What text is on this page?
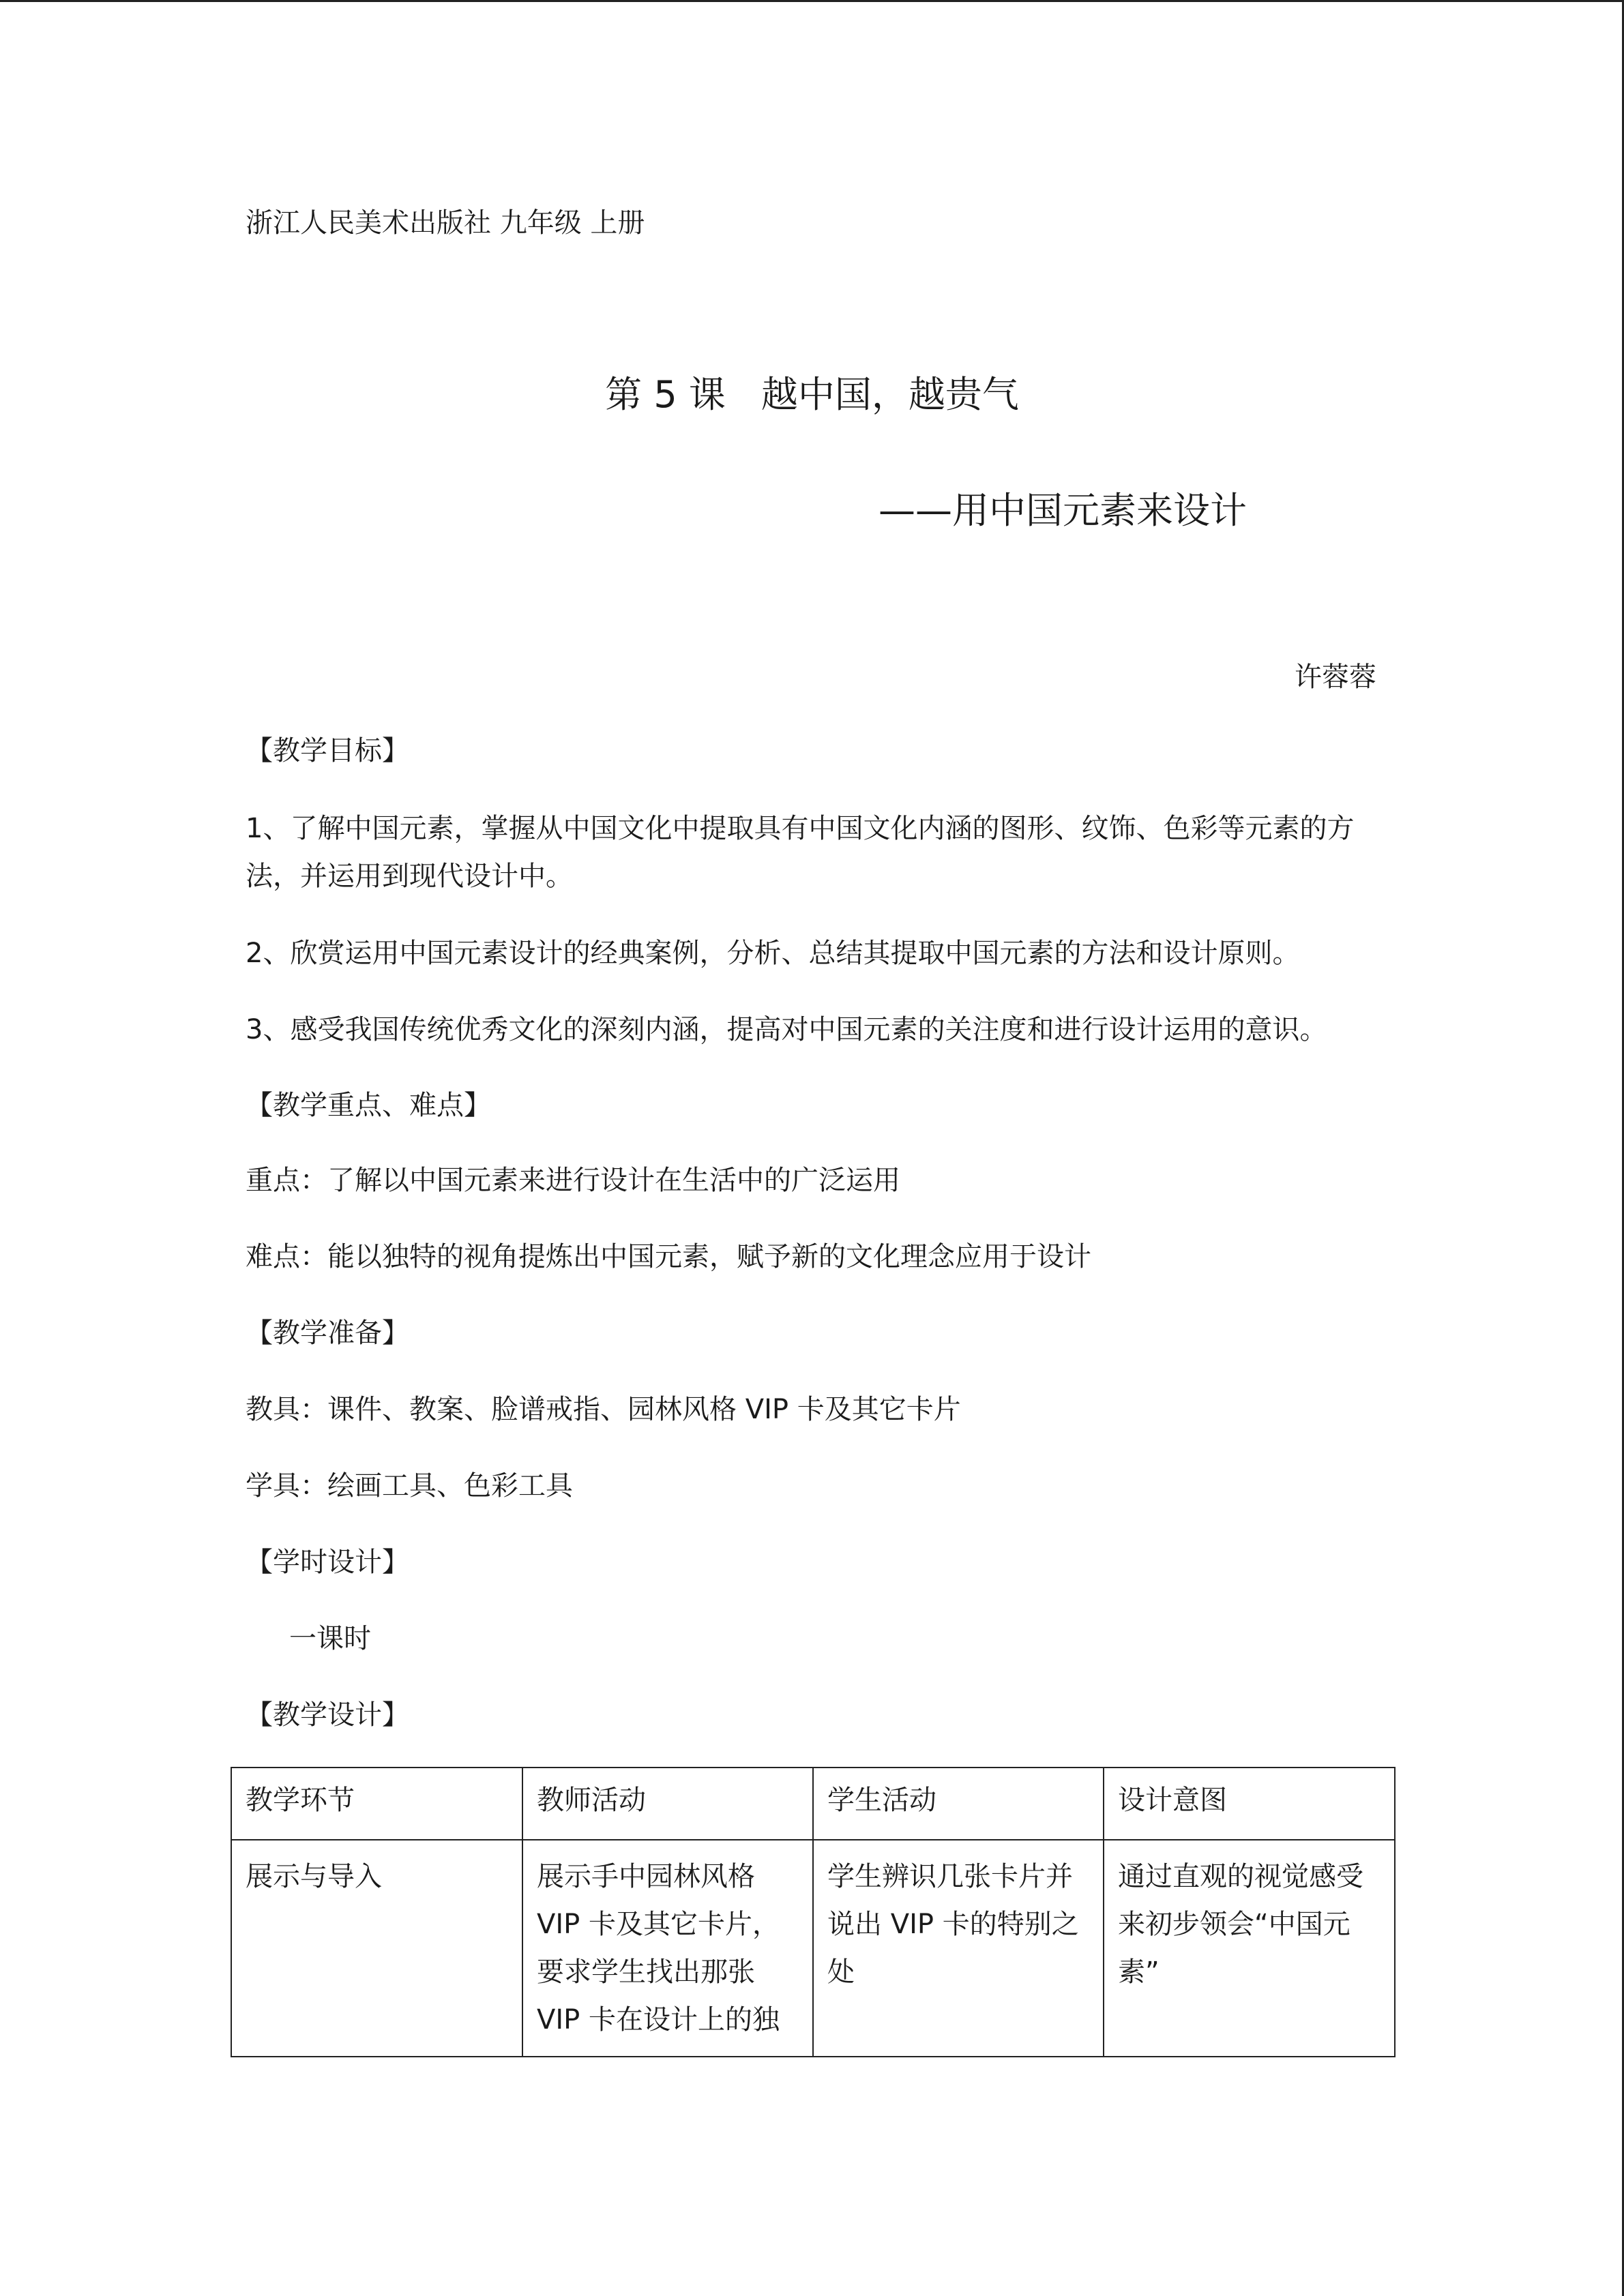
浙江人民美术出版社 九年级 上册
第 5 课 越中国，越贵气
——用中国元素来设计
许蓉蓉
【教学目标】
1、了解中国元素，掌握从中国文化中提取具有中国文化内涵的图形、纹饰、色彩等元素的方法，并运用到现代设计中。
2、欣赏运用中国元素设计的经典案例，分析、总结其提取中国元素的方法和设计原则。
3、感受我国传统优秀文化的深刻内涵，提高对中国元素的关注度和进行设计运用的意识。
【教学重点、难点】
重点：了解以中国元素来进行设计在生活中的广泛运用
难点：能以独特的视角提炼出中国元素，赋予新的文化理念应用于设计
【教学准备】
教具：课件、教案、脸谱戒指、园林风格 VIP 卡及其它卡片
学具：绘画工具、色彩工具
【学时设计】
一课时
【教学设计】
教学环节	教师活动	学生活动	设计意图
展示与导入	展示手中园林风格 VIP 卡及其它卡片，要求学生找出那张 VIP 卡在设计上的独	学生辨识几张卡片并说出 VIP 卡的特别之处	通过直观的视觉感受来初步领会“中国元素”
